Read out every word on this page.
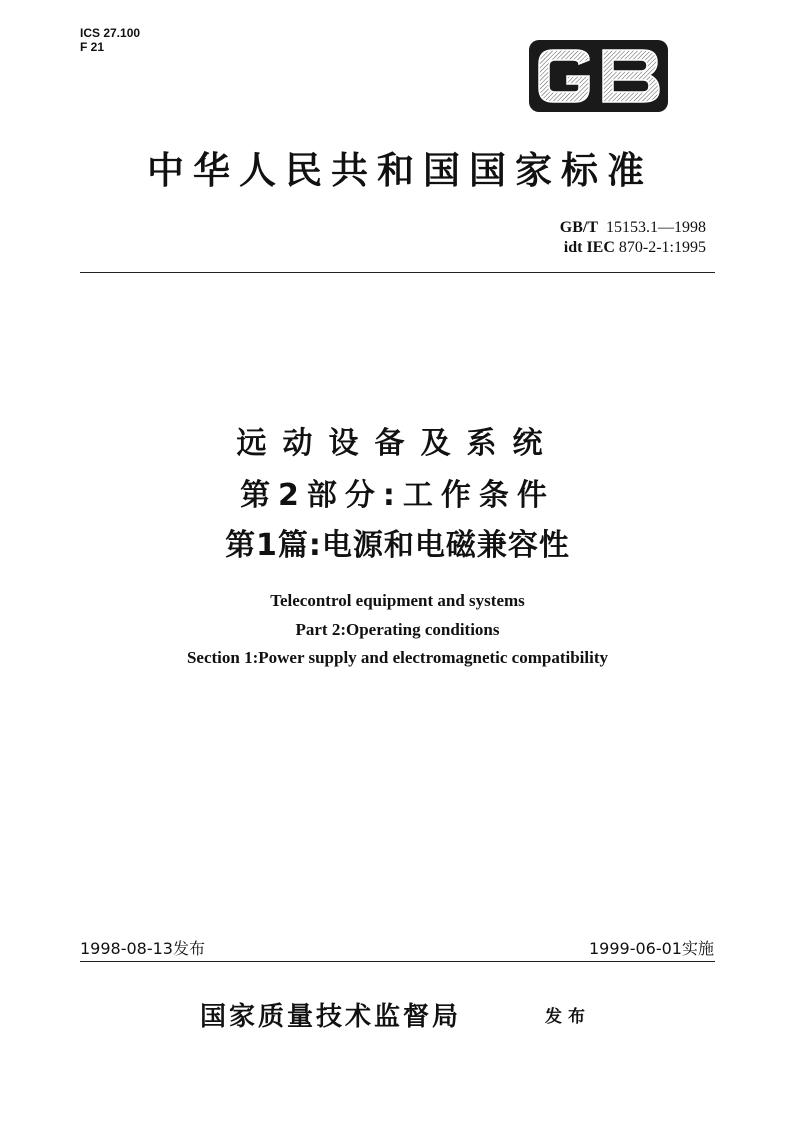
ICS 27.100
F 21
GB
中华人民共和国国家标准
GB/T 15153.1—1998
idt IEC 870-2-1:1995
远动设备及系统
第2部分:工作条件
第1篇:电源和电磁兼容性
Telecontrol equipment and systems
Part 2:Operating conditions
Section 1:Power supply and electromagnetic compatibility
1998-08-13发布	1999-06-01实施
国家质量技术监督局	发布
